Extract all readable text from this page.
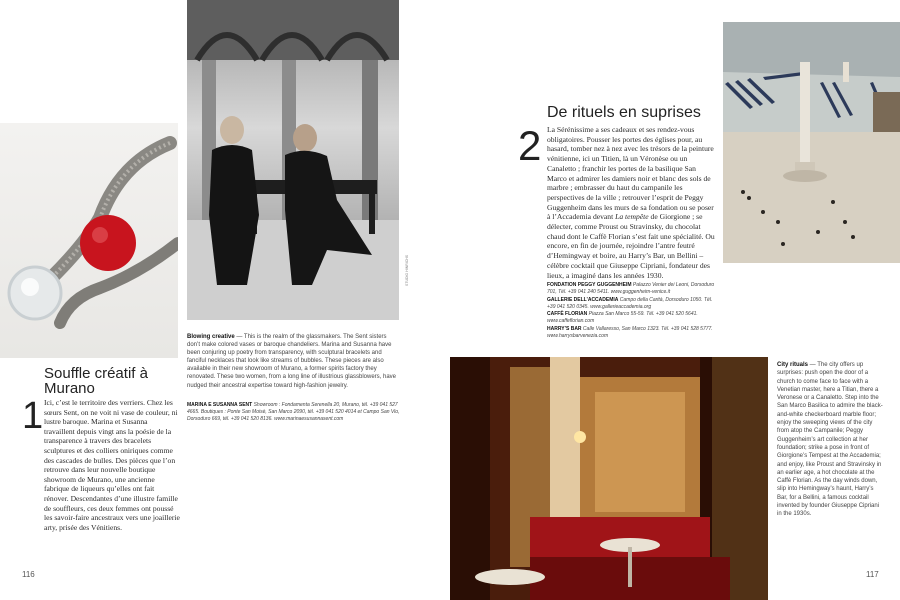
Souffle créatif à Murano
1 Ici, c’est le territoire des verriers. Chez les sœurs Sent, on ne voit ni vase de couleur, ni lustre baroque. Marina et Susanna travaillent depuis vingt ans la poésie de la transparence à travers des bracelets sculptures et des colliers oniriques comme des cascades de bulles. Des pièces que l’on retrouve dans leur nouvelle boutique showroom de Murano, une ancienne fabrique de liqueurs qu’elles ont fait rénover. Descendantes d’une illustre famille de souffleurs, ces deux femmes ont poussé les savoir-faire ancestraux vers une joaillerie arty, prisée des Vénitiens.

Blowing creative — This is the realm of the glassmakers. The Sent sisters don’t make colored vases or baroque chandeliers. Marina and Susanna have been conjuring up poetry from transparency, with sculptural bracelets and fanciful necklaces that look like streams of bubbles. These pieces are also available in their new showroom of Murano, a former spirits factory they renovated. These two women, from a long line of illustrious glassblowers, have nudged their ancestral expertise toward high-fashion jewelry.
MARINA E SUSANNA SENT Showroom : Fondamenta Serenella 20, Murano, tél. +39 041 527 4665. Boutiques : Ponte San Moisè, San Marco 2090, tél. +39 041 520 4014 et Campo San Vio, Dorsoduro 669, tél. +39 041 520 8136. www.marinaesusannasent.com
STUDIO HINRICHS
116
De rituels en suprises
2 La Sérénissime a ses cadeaux et ses rendez-vous obligatoires. Pousser les portes des églises pour, au hasard, tomber nez à nez avec les trésors de la peinture vénitienne, ici un Titien, là un Véronèse ou un Canaletto ; franchir les portes de la basilique San Marco et admirer les damiers noir et blanc des sols de marbre ; embrasser du haut du campanile les perspectives de la ville ; retrouver l’esprit de Peggy Guggenheim dans les murs de sa fondation ou se poser à l’Accademia devant La tempête de Giorgione ; se délecter, comme Proust ou Stravinsky, du chocolat chaud dont le Caffè Florian s’est fait une spécialité. Ou encore, en fin de journée, rejoindre l’antre feutré d’Hemingway et boire, au Harry’s Bar, un Bellini – célèbre cocktail que Giuseppe Cipriani, fondateur des lieux, a imaginé dans les années 1930.

FONDATION PEGGY GUGGENHEIM Palazzo Venier dei Leoni, Dorsoduro 701, Tél. +39 041 240 5411. www.guggenheim-venice.it
GALLERIE DELL’ACCADEMIA Campo della Carità, Dorsoduro 1050. Tél. +39 041 520 0345. www.gallerieaccademia.org
CAFFÈ FLORIAN Piazza San Marco 55-59. Tél. +39 041 520 5641. www.caffeflorian.com
HARRY’S BAR Calle Vallaresso, San Marco 1323. Tél. +39 041 528 5777. www.harrysbarvenezia.com
City rituals — The city offers up surprises: push open the door of a church to come face to face with a Venetian master, here a Titian, there a Veronese or a Canaletto. Step into the San Marco Basilica to admire the black-and-white checkerboard marble floor; enjoy the sweeping views of the city from atop the Campanile; Peggy Guggenheim’s art collection at her foundation; strike a pose in front of Giorgione’s Tempest at the Accademia; and enjoy, like Proust and Stravinsky in an earlier age, a hot chocolate at the Caffè Florian. As the day winds down, slip into Hemingway’s haunt, Harry’s Bar, for a Bellini, a famous cocktail invented by founder Giuseppe Cipriani in the 1930s.
117
